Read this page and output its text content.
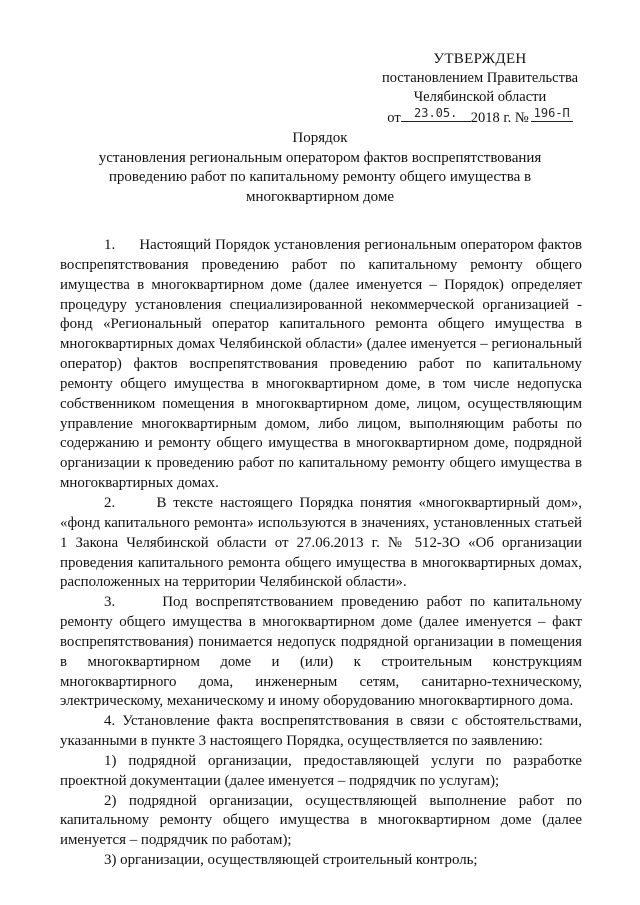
УТВЕРЖДЕН
постановлением Правительства
Челябинской области
от	23.05. 2018 г. № 196-П
Порядок
установления региональным оператором фактов воспрепятствования
проведению работ по капитальному ремонту общего имущества в
многоквартирном доме

1.      Настоящий Порядок установления региональным оператором фактов воспрепятствования проведению работ по капитальному ремонту общего имущества в многоквартирном доме (далее именуется – Порядок) определяет процедуру установления специализированной некоммерческой организацией - фонд «Региональный оператор капитального ремонта общего имущества в многоквартирных домах Челябинской области» (далее именуется – региональный оператор) фактов воспрепятствования проведению работ по капитальному ремонту общего имущества в многоквартирном доме, в том числе недопуска собственником помещения в многоквартирном доме, лицом, осуществляющим управление многоквартирным домом, либо лицом, выполняющим работы по содержанию и ремонту общего имущества в многоквартирном доме, подрядной организации к проведению работ по капитальному ремонту общего имущества в многоквартирных домах.

2.      В тексте настоящего Порядка понятия «многоквартирный дом», «фонд капитального ремонта» используются в значениях, установленных статьей 1 Закона Челябинской области от 27.06.2013 г. № 512-ЗО «Об организации проведения капитального ремонта общего имущества в многоквартирных домах, расположенных на территории Челябинской области».

3.      Под воспрепятствованием проведению работ по капитальному ремонту общего имущества в многоквартирном доме (далее именуется – факт воспрепятствования) понимается недопуск подрядной организации в помещения в многоквартирном доме и (или) к строительным конструкциям многоквартирного дома, инженерным сетям, санитарно-техническому, электрическому, механическому и иному оборудованию многоквартирного дома.

4. Установление факта воспрепятствования в связи с обстоятельствами, указанными в пункте 3 настоящего Порядка, осуществляется по заявлению:

1) подрядной организации, предоставляющей услуги по разработке проектной документации (далее именуется – подрядчик по услугам);

2) подрядной организации, осуществляющей выполнение работ по капитальному ремонту общего имущества в многоквартирном доме (далее именуется – подрядчик по работам);

3) организации, осуществляющей строительный контроль;
